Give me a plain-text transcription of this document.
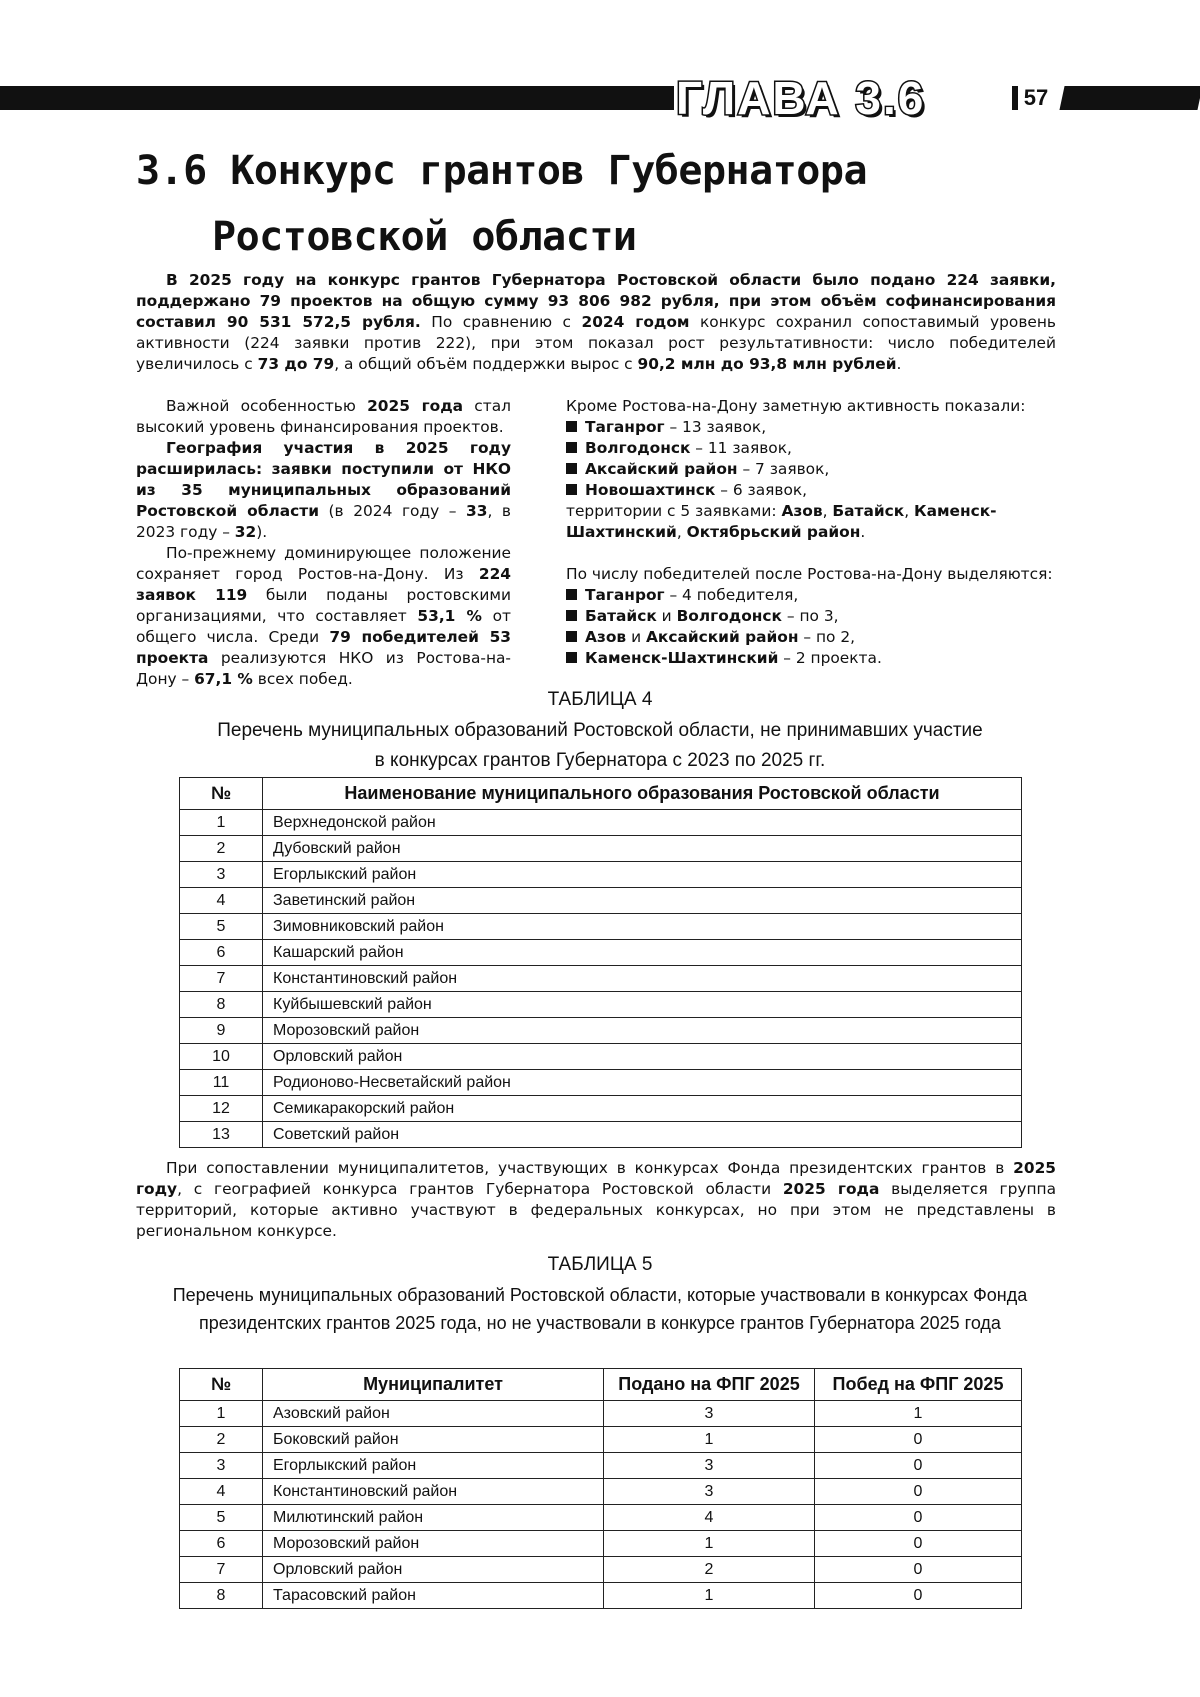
ГЛАВА 3.6	57
3.6 Конкурс грантов Губернатора
Ростовской области
В 2025 году на конкурс грантов Губернатора Ростовской области было подано 224 заявки, поддержано 79 проектов на общую сумму 93 806 982 рубля, при этом объём софинансирования составил 90 531 572,5 рубля. По сравнению с 2024 годом конкурс сохранил сопоставимый уровень активности (224 заявки против 222), при этом показал рост результативности: число победителей увеличилось с 73 до 79, а общий объём поддержки вырос с 90,2 млн до 93,8 млн рублей.

Важной особенностью 2025 года стал высокий уровень финансирования проектов.

География участия в 2025 году расширилась: заявки поступили от НКО из 35 муниципальных образований Ростовской области (в 2024 году – 33, в 2023 году – 32).

По-прежнему доминирующее положение сохраняет город Ростов-на-Дону. Из 224 заявок 119 были поданы ростовскими организациями, что составляет 53,1 % от общего числа. Среди 79 победителей 53 проекта реализуются НКО из Ростова-на-Дону – 67,1 % всех побед.

Кроме Ростова-на-Дону заметную активность показали:

Таганрог – 13 заявок,

Волгодонск – 11 заявок,

Аксайский район – 7 заявок,

Новошахтинск – 6 заявок,

территории с 5 заявками: Азов, Батайск, Каменск-Шахтинский, Октябрьский район.

По числу победителей после Ростова-на-Дону выделяются:

Таганрог – 4 победителя,

Батайск и Волгодонск – по 3,

Азов и Аксайский район – по 2,

Каменск-Шахтинский – 2 проекта.

ТАБЛИЦА 4
Перечень муниципальных образований Ростовской области, не принимавших участие
в конкурсах грантов Губернатора с 2023 по 2025 гг.
№	Наименование муниципального образования Ростовской области
1	Верхнедонской район
2	Дубовский район
3	Егорлыкский район
4	Заветинский район
5	Зимовниковский район
6	Кашарский район
7	Константиновский район
8	Куйбышевский район
9	Морозовский район
10	Орловский район
11	Родионово-Несветайский район
12	Семикаракорский район
13	Советский район
При сопоставлении муниципалитетов, участвующих в конкурсах Фонда президентских грантов в 2025 году, с географией конкурса грантов Губернатора Ростовской области 2025 года выделяется группа территорий, которые активно участвуют в федеральных конкурсах, но при этом не представлены в региональном конкурсе.
ТАБЛИЦА 5
Перечень муниципальных образований Ростовской области, которые участвовали в конкурсах Фонда
президентских грантов 2025 года, но не участвовали в конкурсе грантов Губернатора 2025 года
№	Муниципалитет	Подано на ФПГ 2025	Побед на ФПГ 2025
1	Азовский район	3	1
2	Боковский район	1	0
3	Егорлыкский район	3	0
4	Константиновский район	3	0
5	Милютинский район	4	0
6	Морозовский район	1	0
7	Орловский район	2	0
8	Тарасовский район	1	0
